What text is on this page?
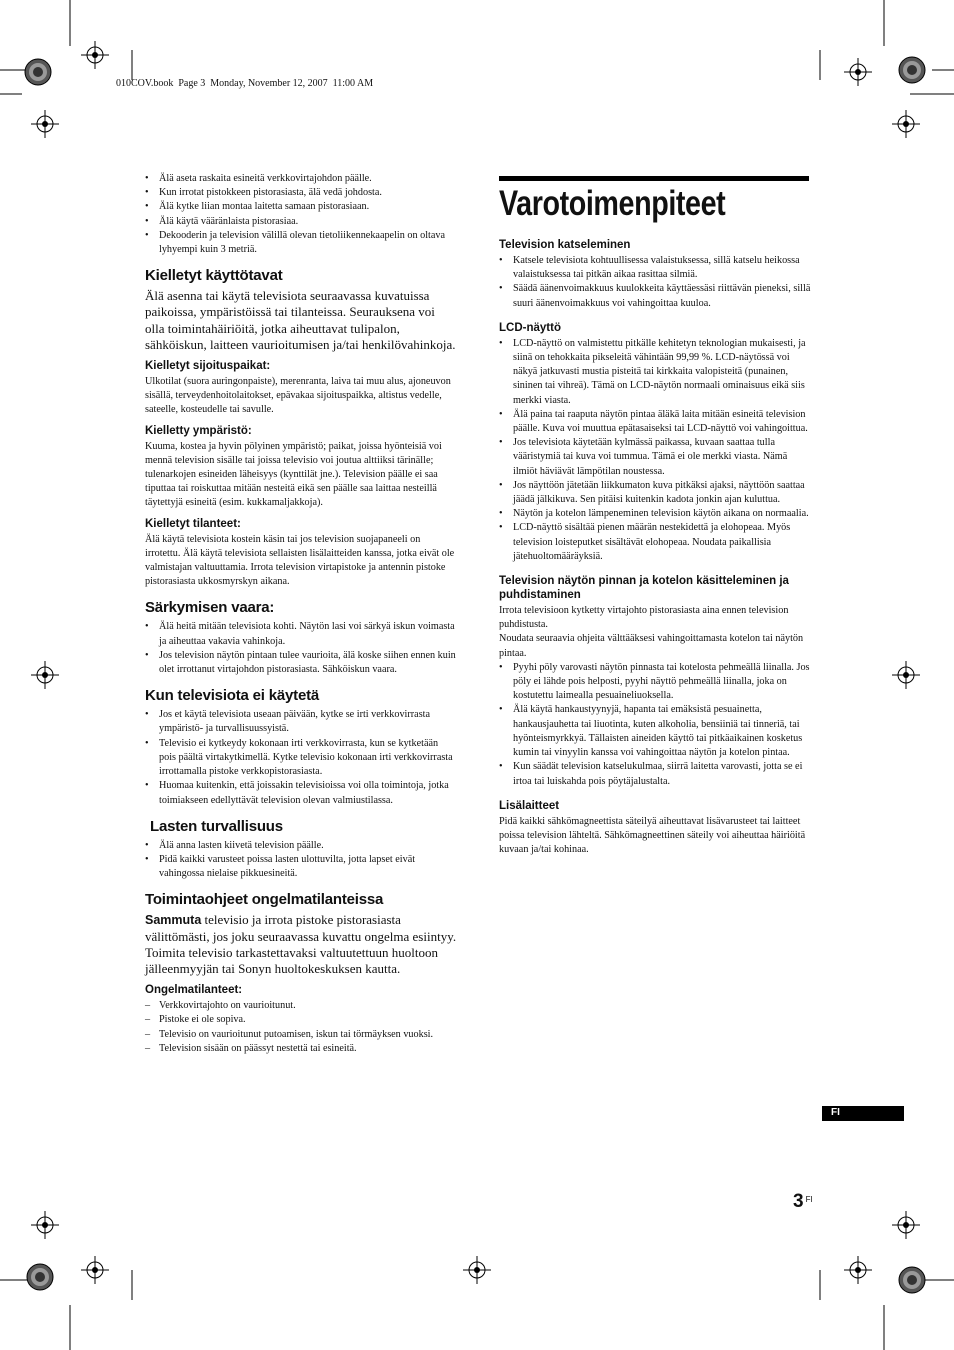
010COV.book  Page 3  Monday, November 12, 2007  11:00 AM
• Älä aseta raskaita esineitä verkkovirtajohdon päälle.
• Kun irrotat pistokkeen pistorasiasta, älä vedä johdosta.
• Älä kytke liian montaa laitetta samaan pistorasiaan.
• Älä käytä vääränlaista pistorasiaa.
• Dekooderin ja television välillä olevan tietoliikennekaapelin on oltava lyhyempi kuin 3 metriä.
Kielletyt käyttötavat

Älä asenna tai käytä televisiota seuraavassa kuvatuissa paikoissa, ympäristöissä tai tilanteissa. Seurauksena voi olla toimintahäiriöitä, jotka aiheuttavat tulipalon, sähköiskun, laitteen vaurioitumisen ja/tai henkilövahinkoja.

Kielletyt sijoituspaikat:

Ulkotilat (suora auringonpaiste), merenranta, laiva tai muu alus, ajoneuvon sisällä, terveydenhoitolaitokset, epävakaa sijoituspaikka, altistus vedelle, sateelle, kosteudelle tai savulle.

Kielletty ympäristö:

Kuuma, kostea ja hyvin pölyinen ympäristö; paikat, joissa hyönteisiä voi mennä television sisälle tai joissa televisio voi joutua alttiiksi tärinälle; tulenarkojen esineiden läheisyys (kynttilät jne.). Television päälle ei saa tiputtaa tai roiskuttaa mitään nesteitä eikä sen päälle saa laittaa nesteillä täytettyjä esineitä (esim. kukkamaljakkoja).

Kielletyt tilanteet:

Älä käytä televisiota kostein käsin tai jos television suojapaneeli on irrotettu. Älä käytä televisiota sellaisten lisälaitteiden kanssa, jotka eivät ole valmistajan valtuuttamia. Irrota television virtapistoke ja antennin pistoke pistorasiasta ukkosmyrskyn aikana.

Särkymisen vaara:
• Älä heitä mitään televisiota kohti. Näytön lasi voi särkyä iskun voimasta ja aiheuttaa vakavia vahinkoja.
• Jos television näytön pintaan tulee vaurioita, älä koske siihen ennen kuin olet irrottanut virtajohdon pistorasiasta. Sähköiskun vaara.
Kun televisiota ei käytetä
• Jos et käytä televisiota useaan päivään, kytke se irti verkkovirrasta ympäristö- ja turvallisuussyistä.
• Televisio ei kytkeydy kokonaan irti verkkovirrasta, kun se kytketään pois päältä virtakytkimellä. Kytke televisio kokonaan irti verkkovirrasta irrottamalla pistoke verkkopistorasiasta.
• Huomaa kuitenkin, että joissakin televisioissa voi olla toimintoja, jotka toimiakseen edellyttävät television olevan valmiustilassa.
Lasten turvallisuus
• Älä anna lasten kiivetä television päälle.
• Pidä kaikki varusteet poissa lasten ulottuvilta, jotta lapset eivät vahingossa nielaise pikkuesineitä.
Toimintaohjeet ongelmatilanteissa

Sammuta televisio ja irrota pistoke pistorasiasta välittömästi, jos joku seuraavassa kuvattu ongelma esiintyy.

Toimita televisio tarkastettavaksi valtuutettuun huoltoon jälleenmyyjän tai Sonyn huoltokeskuksen kautta.

Ongelmatilanteet:
– Verkkovirtajohto on vaurioitunut.
– Pistoke ei ole sopiva.
– Televisio on vaurioitunut putoamisen, iskun tai törmäyksen vuoksi.
– Television sisään on päässyt nestettä tai esineitä.
Varotoimenpiteet
Television katseleminen
• Katsele televisiota kohtuullisessa valaistuksessa, sillä katselu heikossa valaistuksessa tai pitkän aikaa rasittaa silmiä.
• Säädä äänenvoimakkuus kuulokkeita käyttäessäsi riittävän pieneksi, sillä suuri äänenvoimakkuus voi vahingoittaa kuuloa.
LCD-näyttö
• LCD-näyttö on valmistettu pitkälle kehitetyn teknologian mukaisesti, ja siinä on tehokkaita pikseleitä vähintään 99,99 %. LCD-näytössä voi näkyä jatkuvasti mustia pisteitä tai kirkkaita valopisteitä (punainen, sininen tai vihreä). Tämä on LCD-näytön normaali ominaisuus eikä siis merkki viasta.
• Älä paina tai raaputa näytön pintaa äläkä laita mitään esineitä television päälle. Kuva voi muuttua epätasaiseksi tai LCD-näyttö voi vahingoittua.
• Jos televisiota käytetään kylmässä paikassa, kuvaan saattaa tulla vääristymiä tai kuva voi tummua. Tämä ei ole merkki viasta. Nämä ilmiöt häviävät lämpötilan noustessa.
• Jos näyttöön jätetään liikkumaton kuva pitkäksi ajaksi, näyttöön saattaa jäädä jälkikuva. Sen pitäisi kuitenkin kadota jonkin ajan kuluttua.
• Näytön ja kotelon lämpeneminen television käytön aikana on normaalia.
• LCD-näyttö sisältää pienen määrän nestekidettä ja elohopeaa. Myös television loisteputket sisältävät elohopeaa. Noudata paikallisia jätehuoltomääräyksiä.
Television näytön pinnan ja kotelon käsitteleminen ja puhdistaminen

Irrota televisioon kytketty virtajohto pistorasiasta aina ennen television puhdistusta.

Noudata seuraavia ohjeita välttääksesi vahingoittamasta kotelon tai näytön pintaa.

• Pyyhi pöly varovasti näytön pinnasta tai kotelosta pehmeällä liinalla. Jos pöly ei lähde pois helposti, pyyhi näyttö pehmeällä liinalla, joka on kostutettu laimealla pesuaineliuoksella.
• Älä käytä hankaustyynyjä, hapanta tai emäksistä pesuainetta, hankausjauhetta tai liuotinta, kuten alkoholia, bensiiniä tai tinneriä, tai hyönteismyrkkyä. Tällaisten aineiden käyttö tai pitkäaikainen kosketus kumin tai vinyylin kanssa voi vahingoittaa näytön ja kotelon pintaa.
• Kun säädät television katselukulmaa, siirrä laitetta varovasti, jotta se ei irtoa tai luiskahda pois pöytäjalustalta.
Lisälaitteet

Pidä kaikki sähkömagneettista säteilyä aiheuttavat lisävarusteet tai laitteet poissa television lähteltä. Sähkömagneettinen säteily voi aiheuttaa häiriöitä kuvaan ja/tai kohinaa.

FI
3 $^{FI}$
